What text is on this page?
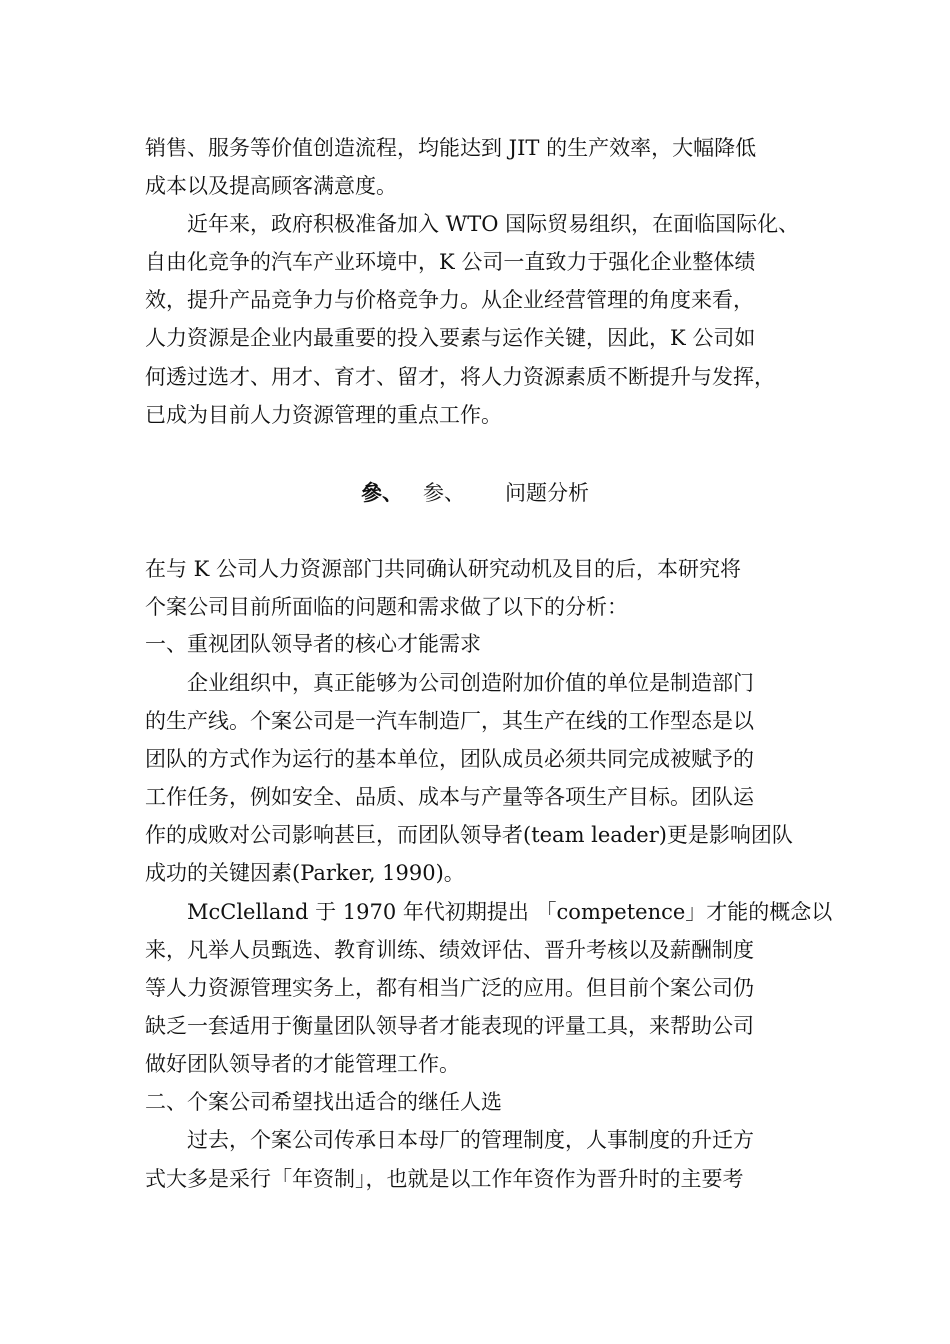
销售、服务等价值创造流程，均能达到 JIT 的生产效率，大幅降低
成本以及提高顾客满意度。
　　近年来，政府积极准备加入 WTO 国际贸易组织，在面临国际化、
自由化竞争的汽车产业环境中，K 公司一直致力于强化企业整体绩
效，提升产品竞争力与价格竞争力。从企业经营管理的角度来看，
人力资源是企业内最重要的投入要素与运作关键，因此，K 公司如
何透过选才、用才、育才、留才，将人力资源素质不断提升与发挥，
已成为目前人力资源管理的重点工作。
參、   参、      问题分析
在与 K 公司人力资源部门共同确认研究动机及目的后，本研究将
个案公司目前所面临的问题和需求做了以下的分析：
一、重视团队领导者的核心才能需求
　　企业组织中，真正能够为公司创造附加价值的单位是制造部门
的生产线。个案公司是一汽车制造厂，其生产在线的工作型态是以
团队的方式作为运行的基本单位，团队成员必须共同完成被赋予的
工作任务，例如安全、品质、成本与产量等各项生产目标。团队运
作的成败对公司影响甚巨，而团队领导者(team leader)更是影响团队
成功的关键因素(Parker, 1990)。
　　McClelland 于 1970 年代初期提出 「competence」才能的概念以
来，凡举人员甄选、教育训练、绩效评估、晋升考核以及薪酬制度
等人力资源管理实务上，都有相当广泛的应用。但目前个案公司仍
缺乏一套适用于衡量团队领导者才能表现的评量工具，来帮助公司
做好团队领导者的才能管理工作。
二、个案公司希望找出适合的继任人选
　　过去，个案公司传承日本母厂的管理制度，人事制度的升迁方
式大多是采行「年资制」，也就是以工作年资作为晋升时的主要考
